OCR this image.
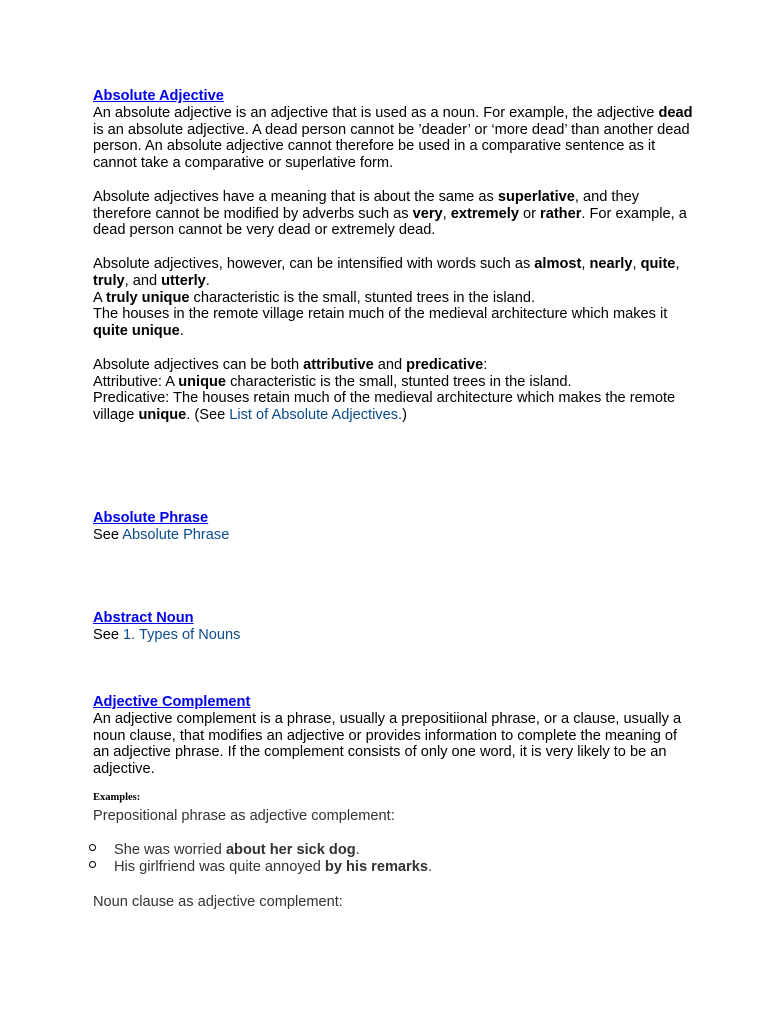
Absolute Adjective

An absolute adjective is an adjective that is used as a noun. For example, the adjective dead is an absolute adjective. A dead person cannot be ’deader’ or ‘more dead’ than another dead person. An absolute adjective cannot therefore be used in a comparative sentence as it cannot take a comparative or superlative form.

Absolute adjectives have a meaning that is about the same as superlative, and they therefore cannot be modified by adverbs such as very, extremely or rather. For example, a dead person cannot be very dead or extremely dead.

Absolute adjectives, however, can be intensified with words such as almost, nearly, quite, truly, and utterly.

A truly unique characteristic is the small, stunted trees in the island.

The houses in the remote village retain much of the medieval architecture which makes it quite unique.

Absolute adjectives can be both attributive and predicative:

Attributive: A unique characteristic is the small, stunted trees in the island.

Predicative: The houses retain much of the medieval architecture which makes the remote village unique. (See List of Absolute Adjectives.)

Absolute Phrase

See Absolute Phrase

Abstract Noun

See 1. Types of Nouns

Adjective Complement

An adjective complement is a phrase, usually a prepositiional phrase, or a clause, usually a noun clause, that modifies an adjective or provides information to complete the meaning of an adjective phrase. If the complement consists of only one word, it is very likely to be an adjective.

Examples:
Prepositional phrase as adjective complement:
She was worried about her sick dog.
His girlfriend was quite annoyed by his remarks.
Noun clause as adjective complement:
